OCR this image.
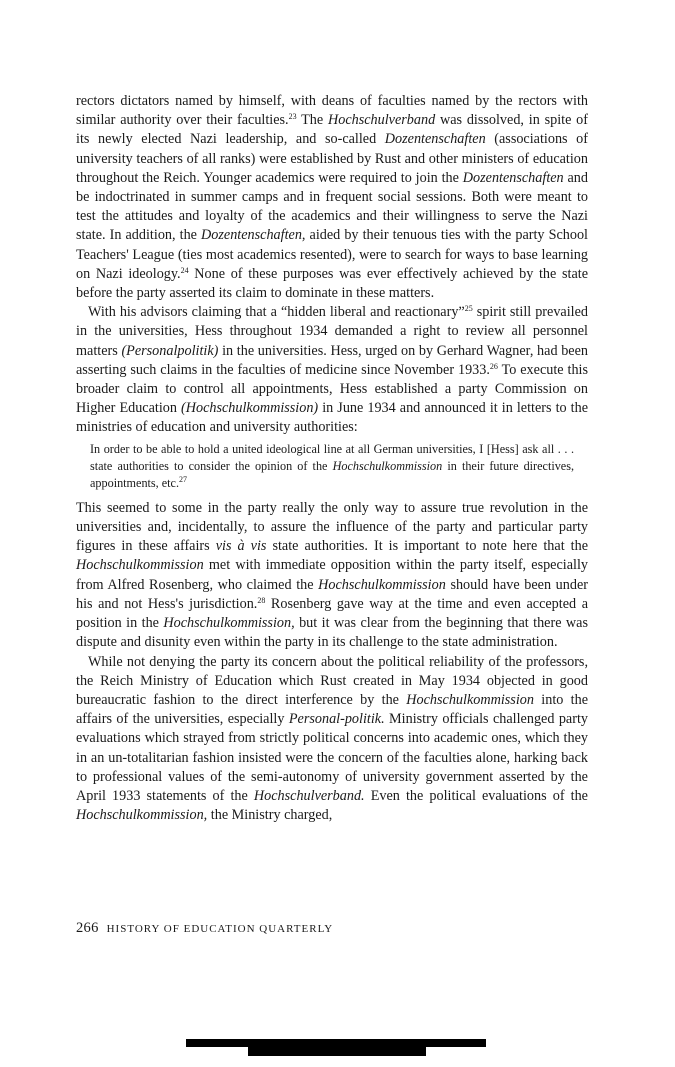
rectors dictators named by himself, with deans of faculties named by the rectors with similar authority over their faculties.$^{23}$ The Hochschulverband was dissolved, in spite of its newly elected Nazi leadership, and so-called Dozentenschaften (associations of university teachers of all ranks) were established by Rust and other ministers of education throughout the Reich. Younger academics were required to join the Dozentenschaften and be indoctrinated in summer camps and in frequent social sessions. Both were meant to test the attitudes and loyalty of the academics and their willingness to serve the Nazi state. In addition, the Dozentenschaften, aided by their tenuous ties with the party School Teachers' League (ties most academics resented), were to search for ways to base learning on Nazi ideology.$^{24}$ None of these purposes was ever effectively achieved by the state before the party asserted its claim to dominate in these matters.

With his advisors claiming that a “hidden liberal and reactionary”$^{25}$ spirit still prevailed in the universities, Hess throughout 1934 demanded a right to review all personnel matters (Personalpolitik) in the universities. Hess, urged on by Gerhard Wagner, had been asserting such claims in the faculties of medicine since November 1933.26 To execute this broader claim to control all appointments, Hess established a party Commission on Higher Education (Hochschulkommission) in June 1934 and announced it in letters to the ministries of education and university authorities:

In order to be able to hold a united ideological line at all German universities, I [Hess] ask all . . . state authorities to consider the opinion of the Hochschulkommission in their future directives, appointments, etc.$^{27}$

This seemed to some in the party really the only way to assure true revolution in the universities and, incidentally, to assure the influence of the party and particular party figures in these affairs vis à vis state authorities. It is important to note here that the Hochschulkommission met with immediate opposition within the party itself, especially from Alfred Rosenberg, who claimed the Hochschulkommission should have been under his and not Hess's jurisdiction.$^{28}$ Rosenberg gave way at the time and even accepted a position in the Hochschulkommission, but it was clear from the beginning that there was dispute and disunity even within the party in its challenge to the state administration.

While not denying the party its concern about the political reliability of the professors, the Reich Ministry of Education which Rust created in May 1934 objected in good bureaucratic fashion to the direct interference by the Hochschulkommission into the affairs of the universities, especially Personal-politik. Ministry officials challenged party evaluations which strayed from strictly political concerns into academic ones, which they in an un-totalitarian fashion insisted were the concern of the faculties alone, harking back to professional values of the semi-autonomy of university government asserted by the April 1933 statements of the Hochschulverband. Even the political evaluations of the Hochschulkommission, the Ministry charged,

266 HISTORY OF EDUCATION QUARTERLY
